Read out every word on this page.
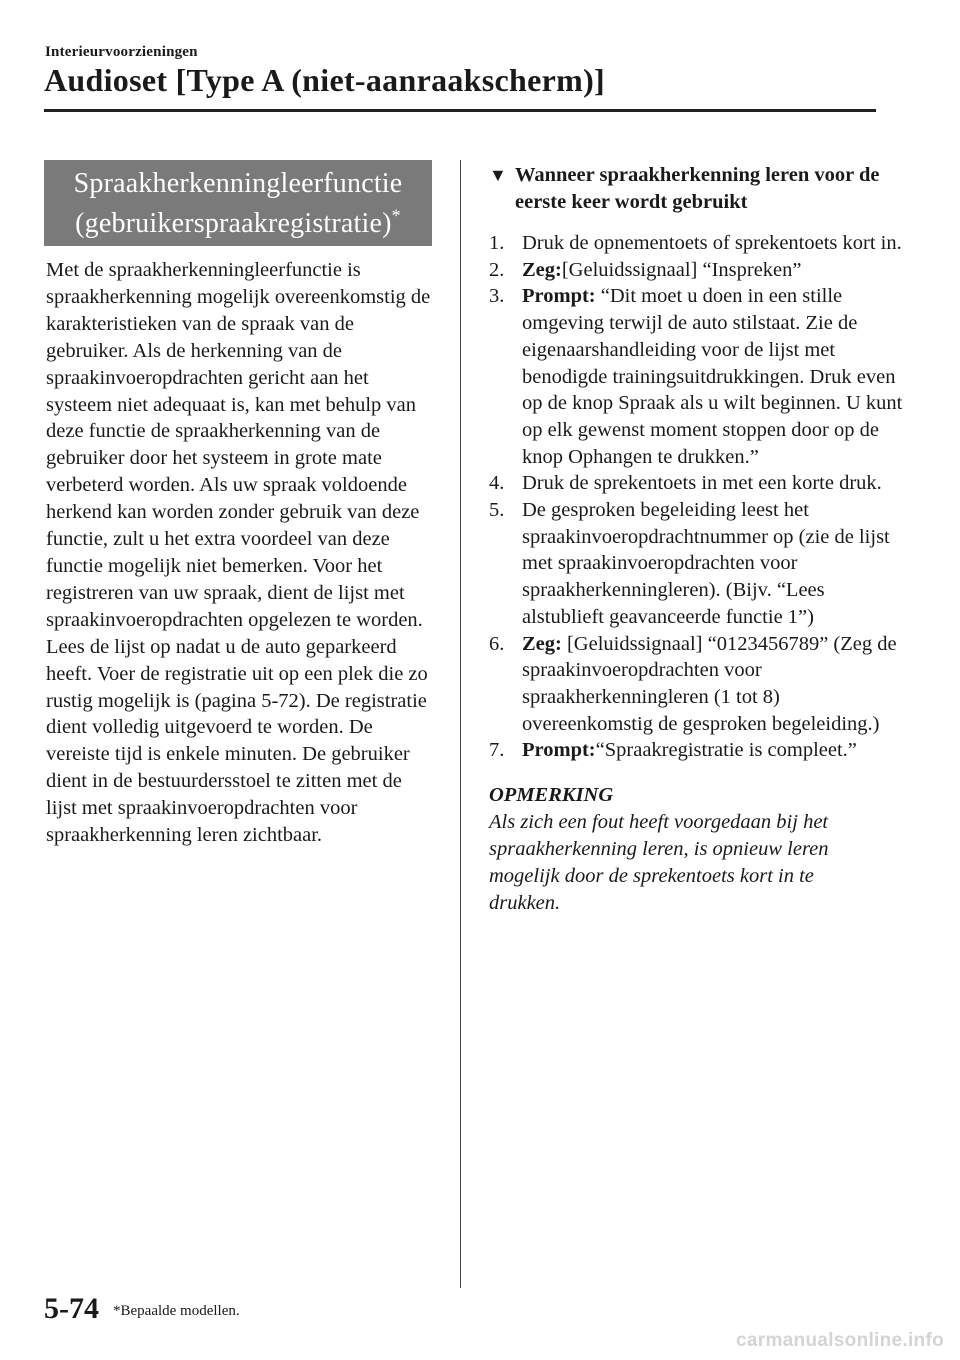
Interieurvoorzieningen
Audioset [Type A (niet-aanraakscherm)]
Spraakherkenningleerfunctie
(gebruikerspraakregistratie)*

Met de spraakherkenningleerfunctie is spraakherkenning mogelijk overeenkomstig de karakteristieken van de spraak van de gebruiker. Als de herkenning van de spraakinvoeropdrachten gericht aan het systeem niet adequaat is, kan met behulp van deze functie de spraakherkenning van de gebruiker door het systeem in grote mate verbeterd worden. Als uw spraak voldoende herkend kan worden zonder gebruik van deze functie, zult u het extra voordeel van deze functie mogelijk niet bemerken. Voor het registreren van uw spraak, dient de lijst met spraakinvoeropdrachten opgelezen te worden. Lees de lijst op nadat u de auto geparkeerd heeft. Voer de registratie uit op een plek die zo rustig mogelijk is (pagina 5-72). De registratie dient volledig uitgevoerd te worden. De vereiste tijd is enkele minuten. De gebruiker dient in de bestuurdersstoel te zitten met de lijst met spraakinvoeropdrachten voor spraakherkenning leren zichtbaar.

▼ Wanneer spraakherkenning leren voor de eerste keer wordt gebruikt
1. Druk de opnementoets of sprekentoets kort in.
2. Zeg:[Geluidssignaal] “Inspreken”
3. Prompt: “Dit moet u doen in een stille omgeving terwijl de auto stilstaat. Zie de eigenaarshandleiding voor de lijst met benodigde trainingsuitdrukkingen. Druk even op de knop Spraak als u wilt beginnen. U kunt op elk gewenst moment stoppen door op de knop Ophangen te drukken.”
4. Druk de sprekentoets in met een korte druk.
5. De gesproken begeleiding leest het spraakinvoeropdrachtnummer op (zie de lijst met spraakinvoeropdrachten voor spraakherkenningleren). (Bijv. “Lees alstublieft geavanceerde functie 1”)
6. Zeg: [Geluidssignaal] “0123456789” (Zeg de spraakinvoeropdrachten voor spraakherkenningleren (1 tot 8) overeenkomstig de gesproken begeleiding.)
7. Prompt:“Spraakregistratie is compleet.”

OPMERKING

Als zich een fout heeft voorgedaan bij het spraakherkenning leren, is opnieuw leren mogelijk door de sprekentoets kort in te drukken.

5-74 *Bepaalde modellen.
carmanualsonline.info
